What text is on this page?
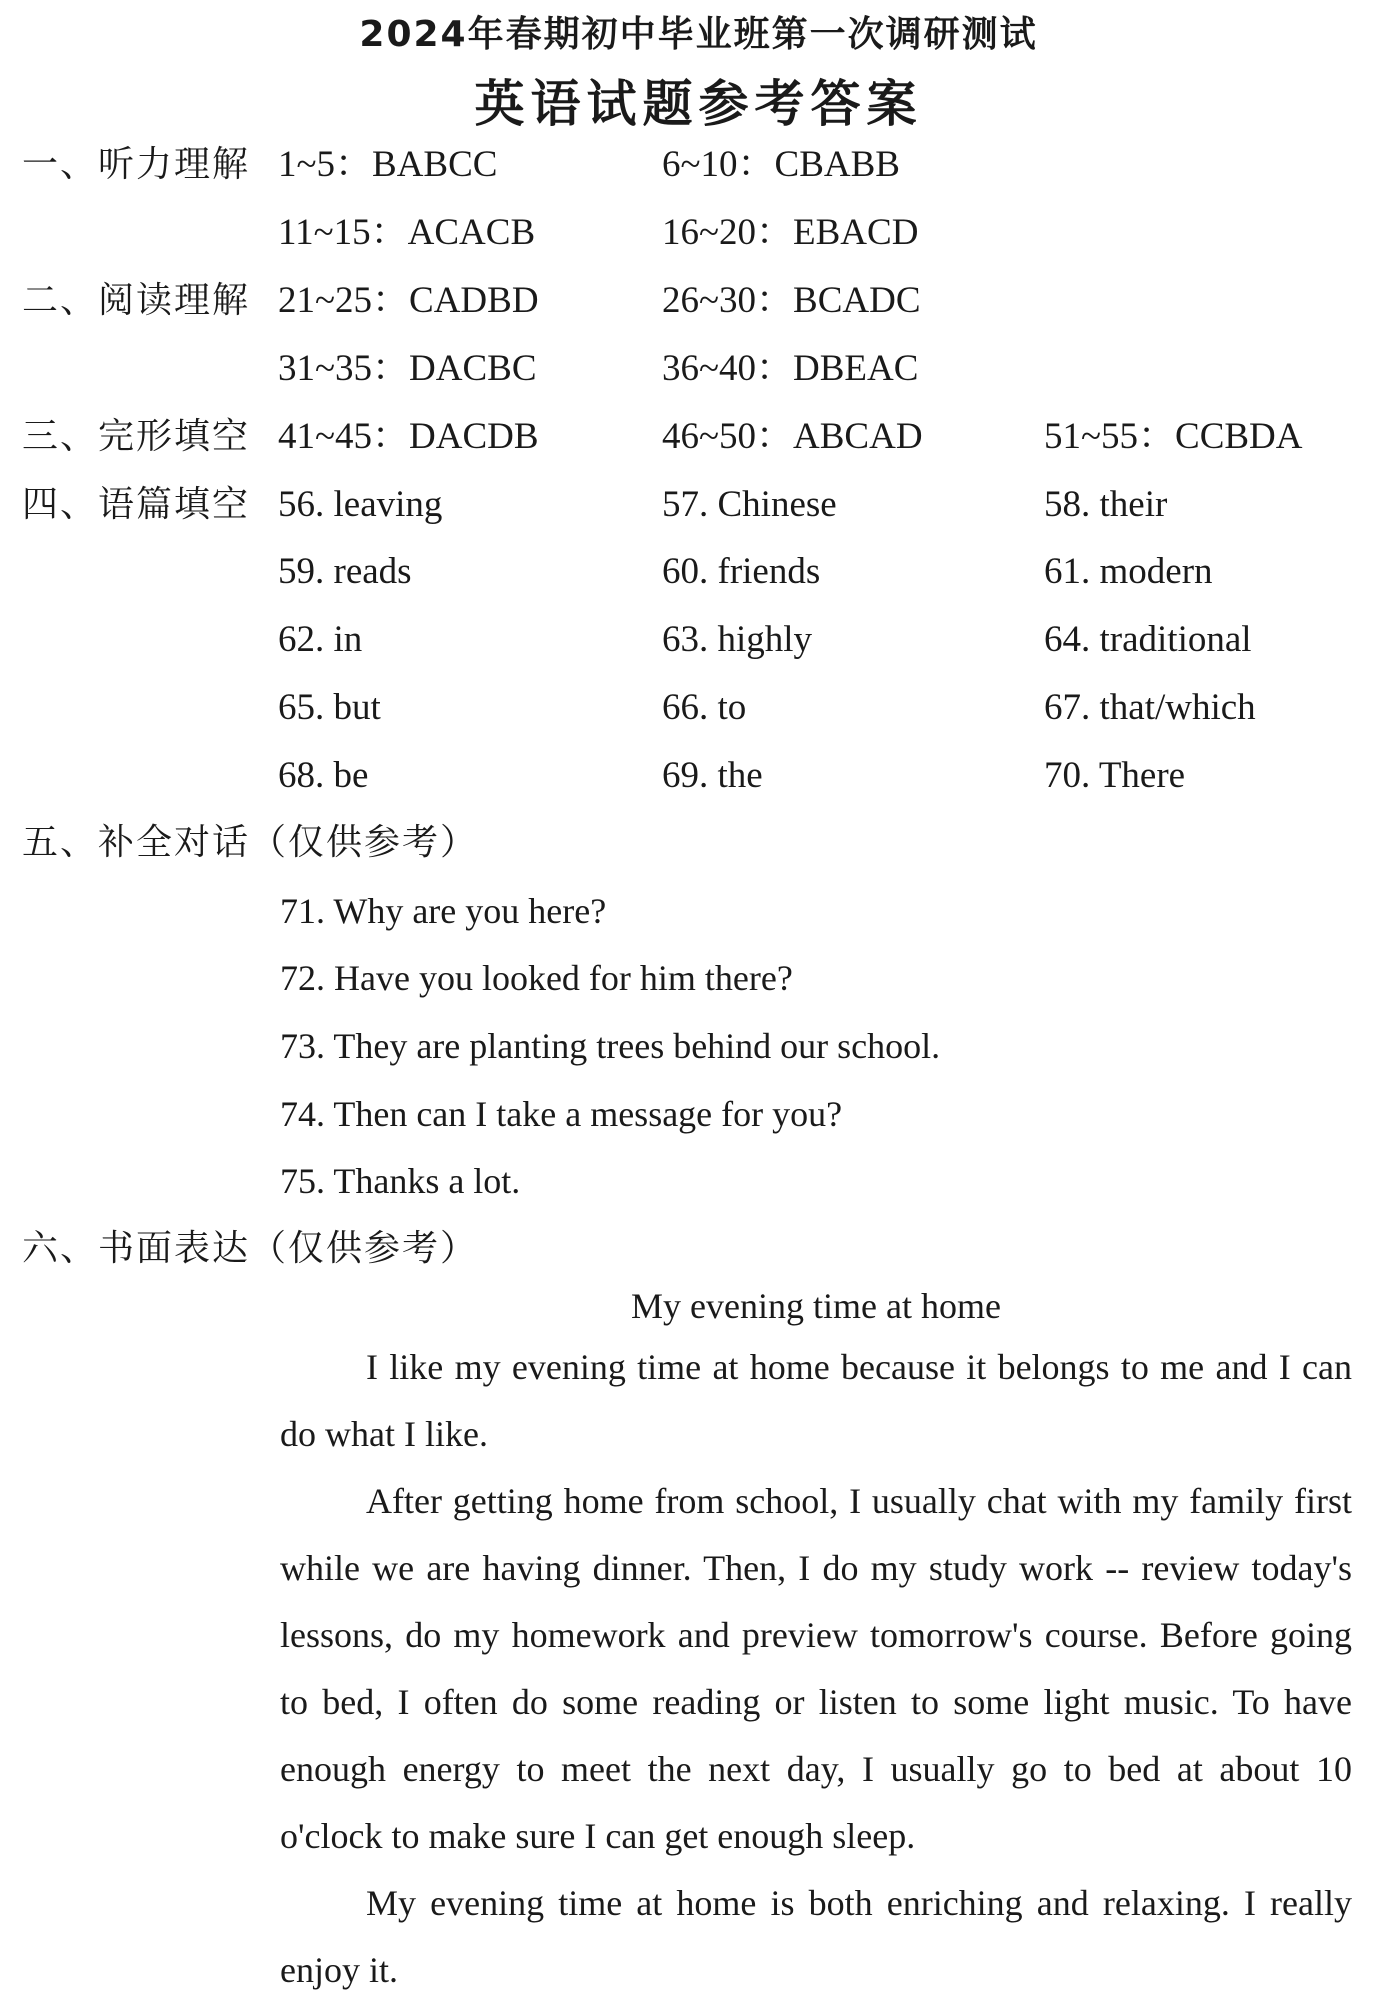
2024年春期初中毕业班第一次调研测试
英语试题参考答案
一、听力理解 1~5：BABCC	6~10：CBABB
11~15：ACACB	16~20：EBACD
二、阅读理解 21~25：CADBD	26~30：BCADC
31~35：DACBC	36~40：DBEAC
三、完形填空 41~45：DACDB	46~50：ABCAD	51~55：CCBDA
四、语篇填空 56. leaving	57. Chinese	58. their
59. reads	60. friends	61. modern
62. in	63. highly	64. traditional
65. but	66. to	67. that/which
68. be	69. the	70. There
五、补全对话（仅供参考）
71. Why are you here?
72. Have you looked for him there?
73. They are planting trees behind our school.
74. Then can I take a message for you?
75. Thanks a lot.
六、书面表达（仅供参考）
My evening time at home

I like my evening time at home because it belongs to me and I can do what I like.

After getting home from school, I usually chat with my family first while we are having dinner. Then, I do my study work -- review today's lessons, do my homework and preview tomorrow's course. Before going to bed, I often do some reading or listen to some light music. To have enough energy to meet the next day, I usually go to bed at about 10 o'clock to make sure I can get enough sleep.

My evening time at home is both enriching and relaxing. I really enjoy it.
